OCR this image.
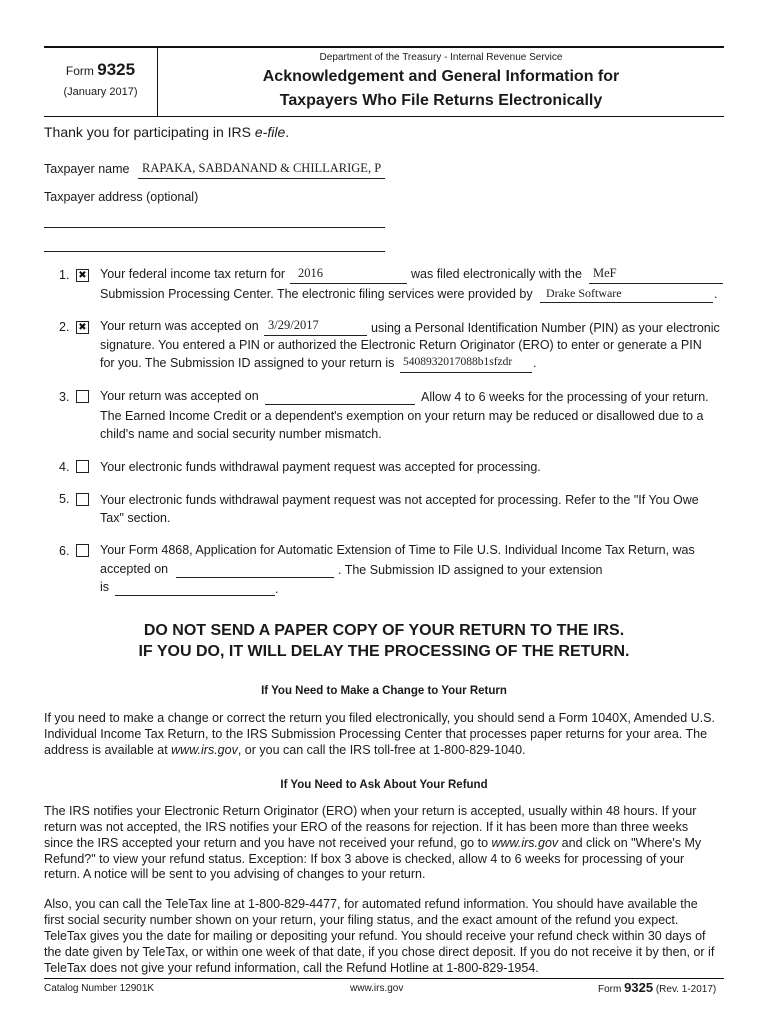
Form 9325
(January 2017)
Department of the Treasury - Internal Revenue Service
Acknowledgement and General Information for
Taxpayers Who File Returns Electronically
Thank you for participating in IRS e-file.
Taxpayer name RAPAKA, SABDANAND & CHILLARIGE, P
Taxpayer address (optional)
1. ✖ Your federal income tax return for 2016	was filed electronically with the MeF
Submission Processing Center. The electronic filing services were provided by Drake Software	.
2. ✖ Your return was accepted on 3/29/2017	using a Personal Identification Number (PIN) as your electronic
signature. You entered a PIN or authorized the Electronic Return Originator (ERO) to enter or generate a PIN
for you. The Submission ID assigned to your return is 5408932017088b1sfzdr .
3. Your return was accepted on	Allow 4 to 6 weeks for the processing of your return.
The Earned Income Credit or a dependent's exemption on your return may be reduced or disallowed due to a
child's name and social security number mismatch.
4. Your electronic funds withdrawal payment request was accepted for processing.
5. Your electronic funds withdrawal payment request was not accepted for processing. Refer to the "If You Owe
Tax" section.
6. Your Form 4868, Application for Automatic Extension of Time to File U.S. Individual Income Tax Return, was
accepted on	. The Submission ID assigned to your extension
is	.
DO NOT SEND A PAPER COPY OF YOUR RETURN TO THE IRS.
IF YOU DO, IT WILL DELAY THE PROCESSING OF THE RETURN.
If You Need to Make a Change to Your Return
If you need to make a change or correct the return you filed electronically, you should send a Form 1040X, Amended U.S.
Individual Income Tax Return, to the IRS Submission Processing Center that processes paper returns for your area. The
address is available at www.irs.gov, or you can call the IRS toll-free at 1-800-829-1040.
If You Need to Ask About Your Refund
The IRS notifies your Electronic Return Originator (ERO) when your return is accepted, usually within 48 hours. If your
return was not accepted, the IRS notifies your ERO of the reasons for rejection. If it has been more than three weeks
since the IRS accepted your return and you have not received your refund, go to www.irs.gov and click on "Where's My
Refund?" to view your refund status. Exception: If box 3 above is checked, allow 4 to 6 weeks for processing of your
return. A notice will be sent to you advising of changes to your return.
Also, you can call the TeleTax line at 1-800-829-4477, for automated refund information. You should have available the
first social security number shown on your return, your filing status, and the exact amount of the refund you expect.
TeleTax gives you the date for mailing or depositing your refund. You should receive your refund check within 30 days of
the date given by TeleTax, or within one week of that date, if you chose direct deposit. If you do not receive it by then, or if
TeleTax does not give your refund information, call the Refund Hotline at 1-800-829-1954.
Catalog Number 12901K	www.irs.gov	Form 9325 (Rev. 1-2017)
